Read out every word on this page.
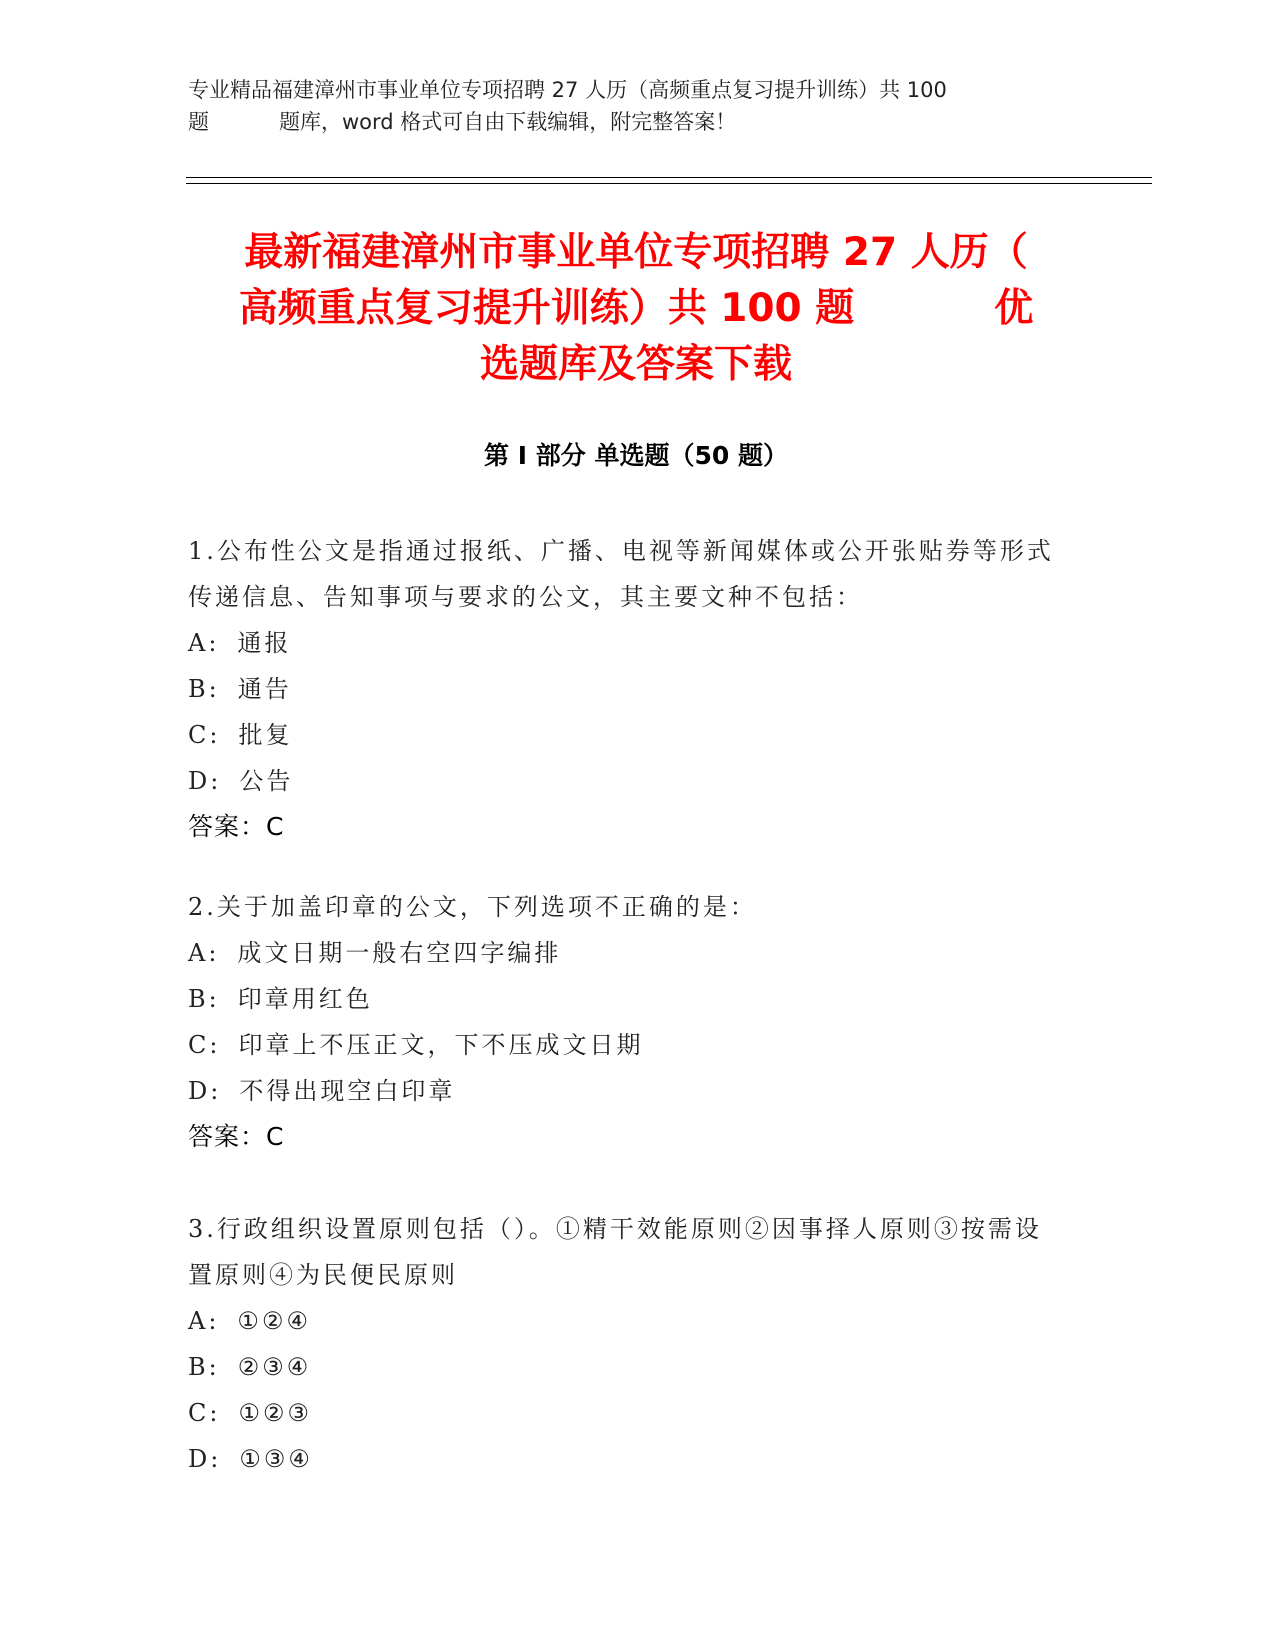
专业精品福建漳州市事业单位专项招聘 27 人历（高频重点复习提升训练）共 100
题	题库，word 格式可自由下载编辑，附完整答案！
最新福建漳州市事业单位专项招聘 27 人历（
高频重点复习提升训练）共 100 题	优
选题库及答案下载
第 I 部分 单选题（50 题）
1.公布性公文是指通过报纸、广播、电视等新闻媒体或公开张贴券等形式传递信息、告知事项与要求的公文，其主要文种不包括：
A: 通报
B: 通告
C: 批复
D: 公告
答案：C
2.关于加盖印章的公文，下列选项不正确的是：
A: 成文日期一般右空四字编排
B: 印章用红色
C: 印章上不压正文，下不压成文日期
D: 不得出现空白印章
答案：C
3.行政组织设置原则包括（）。①精干效能原则②因事择人原则③按需设置原则④为民便民原则
A: ①②④
B: ②③④
C: ①②③
D: ①③④
